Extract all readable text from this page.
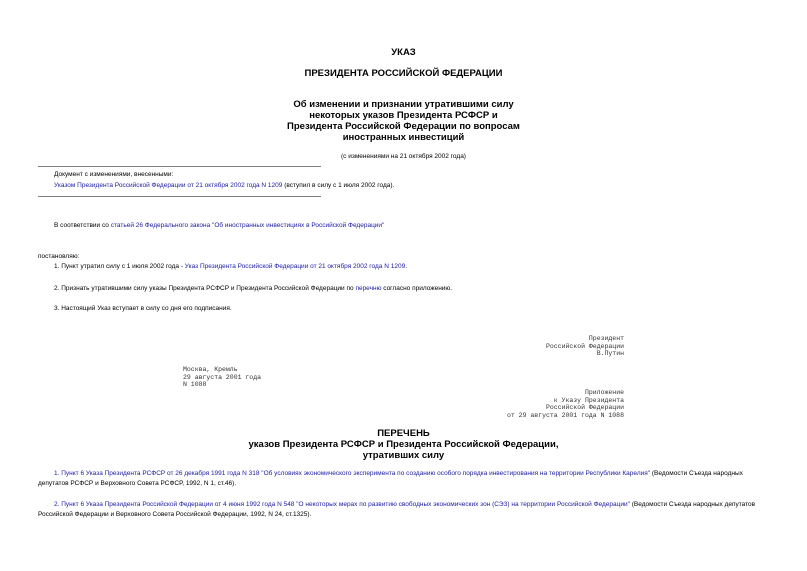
УКАЗ
ПРЕЗИДЕНТА РОССИЙСКОЙ ФЕДЕРАЦИИ
Об изменении и признании утратившими силу
некоторых указов Президента РСФСР и
Президента Российской Федерации по вопросам
иностранных инвестиций
(с изменениями на 21 октября 2002 года)
Документ с изменениями, внесенными:
Указом Президента Российской Федерации от 21 октября 2002 года N 1209 (вступил в силу с 1 июля 2002 года).
В соответствии со статьей 26 Федерального закона "Об иностранных инвестициях в Российской Федерации"
постановляю:
1. Пункт утратил силу с 1 июля 2002 года - Указ Президента Российской Федерации от 21 октября 2002 года N 1209.
2. Признать утратившими силу указы Президента РСФСР и Президента Российской Федерации по перечню согласно приложению.
3. Настоящий Указ вступает в силу со дня его подписания.
Президент
Российской Федерации
В.Путин
Москва, Кремль
29 августа 2001 года
N 1088
Приложение
к Указу Президента
Российской Федерации
от 29 августа 2001 года N 1088
ПЕРЕЧЕНЬ
указов Президента РСФСР и Президента Российской Федерации,
утративших силу
1. Пункт 6 Указа Президента РСФСР от 26 декабря 1991 года N 318 "Об условиях экономического эксперимента по созданию особого порядка инвестирования на территории Республики Карелия" (Ведомости Съезда народных депутатов РСФСР и Верховного Совета РСФСР, 1992, N 1, ст.46).
2. Пункт 6 Указа Президента Российской Федерации от 4 июня 1992 года N 548 "О некоторых мерах по развитию свободных экономических зон (СЭЗ) на территории Российской Федерации" (Ведомости Съезда народных депутатов Российской Федерации и Верховного Совета Российской Федерации, 1992, N 24, ст.1325).
